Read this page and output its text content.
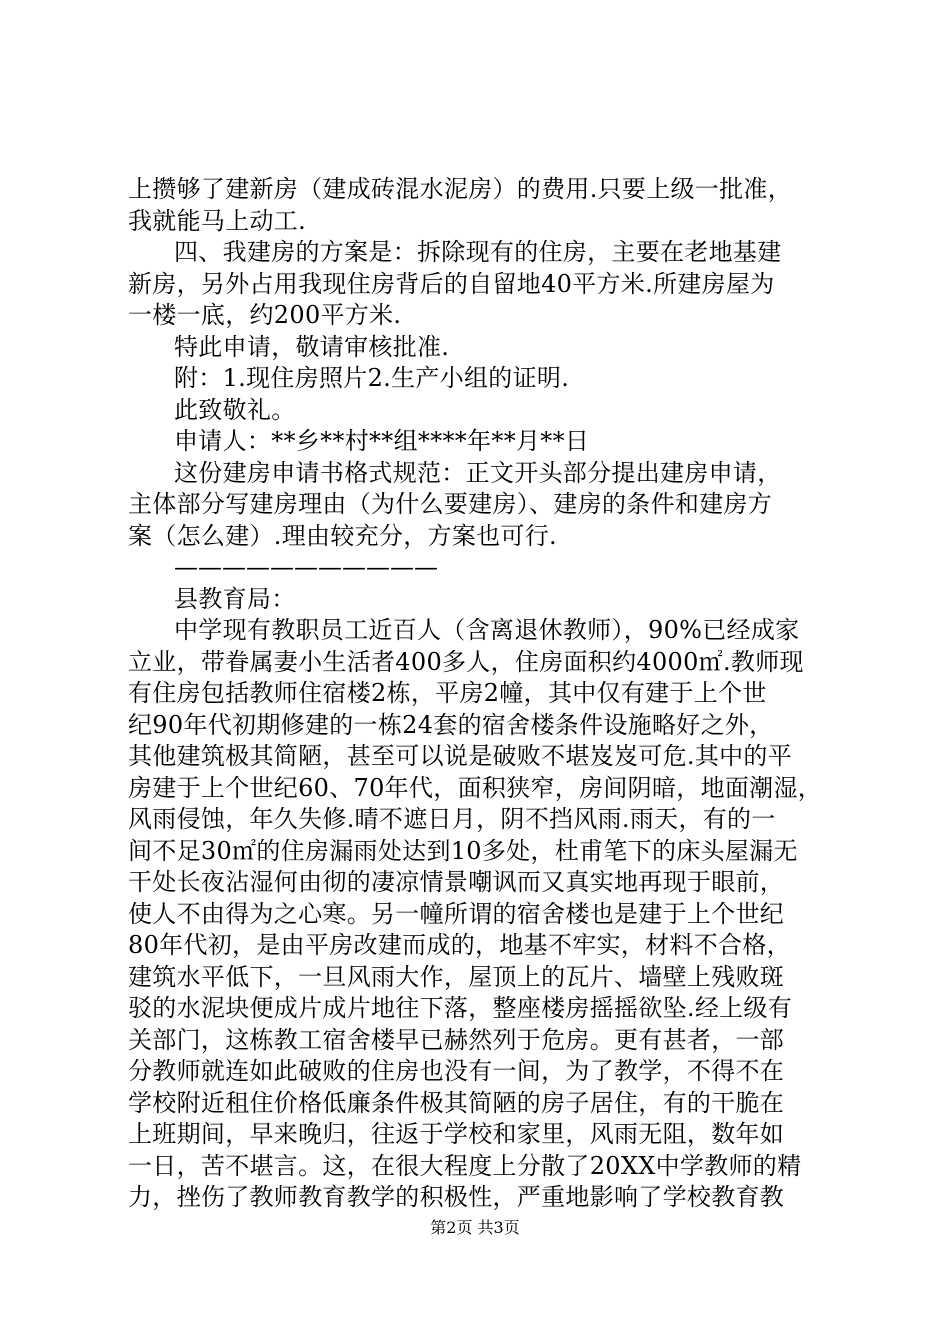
上攒够了建新房（建成砖混水泥房）的费用.只要上级一批准，
我就能马上动工.
四、我建房的方案是：拆除现有的住房，主要在老地基建
新房，另外占用我现住房背后的自留地40平方米.所建房屋为
一楼一底，约200平方米.
特此申请，敬请审核批准.
附：1.现住房照片2.生产小组的证明.
此致敬礼。
申请人：**乡**村**组****年**月**日
这份建房申请书格式规范：正文开头部分提出建房申请，
主体部分写建房理由（为什么要建房）、建房的条件和建房方
案（怎么建）.理由较充分，方案也可行.
———————————
县教育局：
中学现有教职员工近百人（含离退休教师），90%已经成家
立业，带眷属妻小生活者400多人，住房面积约4000㎡.教师现
有住房包括教师住宿楼2栋，平房2幢，其中仅有建于上个世
纪90年代初期修建的一栋24套的宿舍楼条件设施略好之外，
其他建筑极其简陋，甚至可以说是破败不堪岌岌可危.其中的平
房建于上个世纪60、70年代，面积狭窄，房间阴暗，地面潮湿，
风雨侵蚀，年久失修.晴不遮日月，阴不挡风雨.雨天，有的一
间不足30㎡的住房漏雨处达到10多处，杜甫笔下的床头屋漏无
干处长夜沾湿何由彻的凄凉情景嘲讽而又真实地再现于眼前，
使人不由得为之心寒。另一幢所谓的宿舍楼也是建于上个世纪
80年代初，是由平房改建而成的，地基不牢实，材料不合格，
建筑水平低下，一旦风雨大作，屋顶上的瓦片、墙壁上残败斑
驳的水泥块便成片成片地往下落，整座楼房摇摇欲坠.经上级有
关部门，这栋教工宿舍楼早已赫然列于危房。更有甚者，一部
分教师就连如此破败的住房也没有一间，为了教学，不得不在
学校附近租住价格低廉条件极其简陋的房子居住，有的干脆在
上班期间，早来晚归，往返于学校和家里，风雨无阻，数年如
一日，苦不堪言。这，在很大程度上分散了20XX中学教师的精
力，挫伤了教师教育教学的积极性，严重地影响了学校教育教
第2页 共3页
